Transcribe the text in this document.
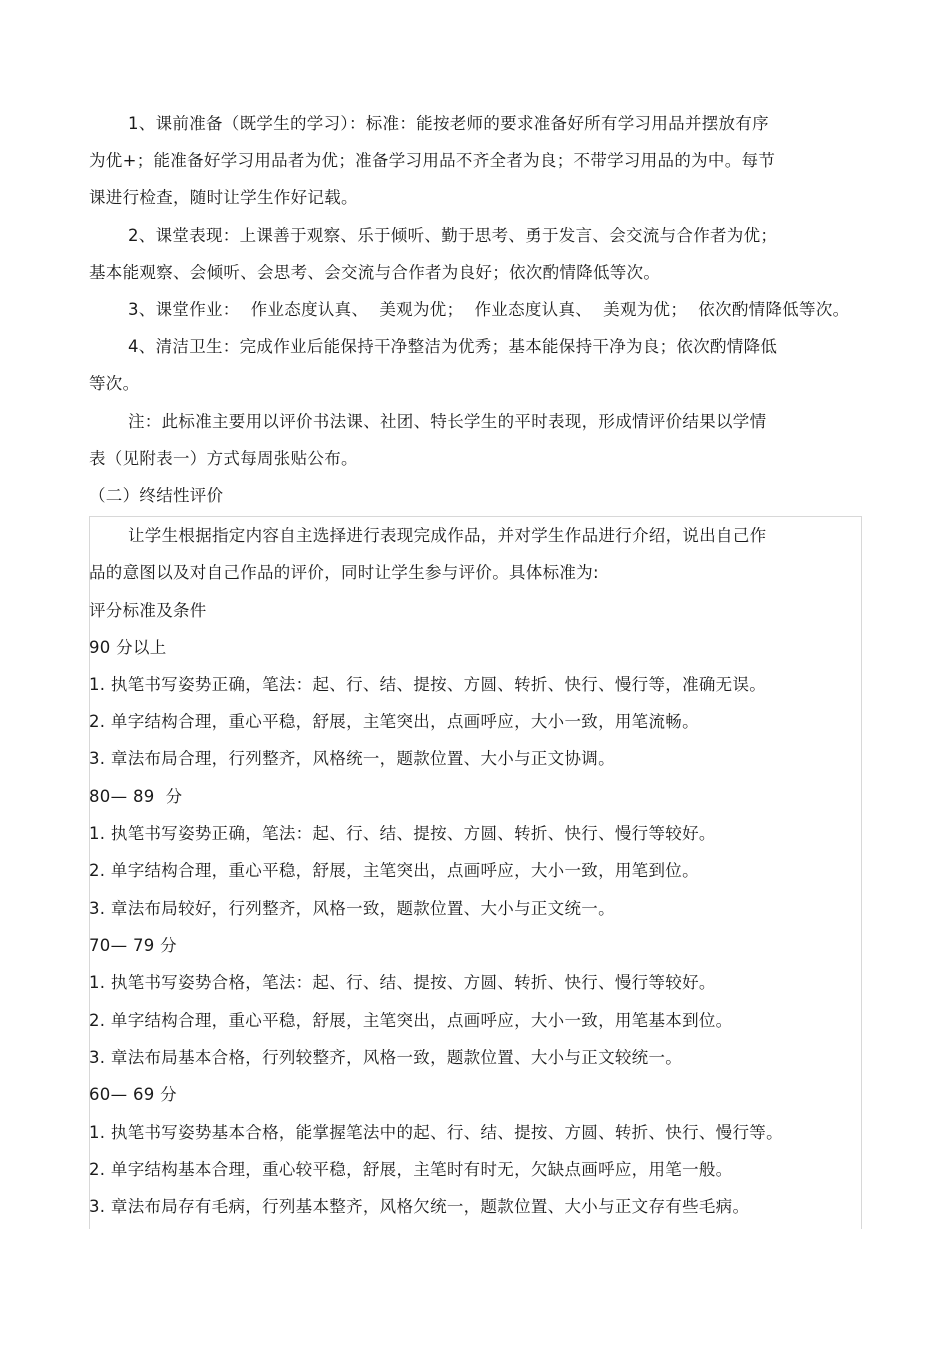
1、课前准备（既学生的学习）：标准：能按老师的要求准备好所有学习用品并摆放有序
为优+；能准备好学习用品者为优；准备学习用品不齐全者为良；不带学习用品的为中。每节
课进行检查，随时让学生作好记载。
2、课堂表现：上课善于观察、乐于倾听、勤于思考、勇于发言、会交流与合作者为优；
基本能观察、会倾听、会思考、会交流与合作者为良好；依次酌情降低等次。
3、课堂作业：  作业态度认真、  美观为优；  作业态度认真、  美观为优；  依次酌情降低等次。
4、清洁卫生：完成作业后能保持干净整洁为优秀；基本能保持干净为良；依次酌情降低
等次。
注：此标准主要用以评价书法课、社团、特长学生的平时表现，形成情评价结果以学情
表（见附表一）方式每周张贴公布。
（二）终结性评价
让学生根据指定内容自主选择进行表现完成作品，并对学生作品进行介绍，说出自己作
品的意图以及对自己作品的评价，同时让学生参与评价。具体标准为:
评分标准及条件
90 分以上
1. 执笔书写姿势正确，笔法：起、行、结、提按、方圆、转折、快行、慢行等，准确无误。
2. 单字结构合理，重心平稳，舒展，主笔突出，点画呼应，大小一致，用笔流畅。
3. 章法布局合理，行列整齐，风格统一，题款位置、大小与正文协调。
80— 89  分
1. 执笔书写姿势正确，笔法：起、行、结、提按、方圆、转折、快行、慢行等较好。
2. 单字结构合理，重心平稳，舒展，主笔突出，点画呼应，大小一致，用笔到位。
3. 章法布局较好，行列整齐，风格一致，题款位置、大小与正文统一。
70— 79 分
1. 执笔书写姿势合格，笔法：起、行、结、提按、方圆、转折、快行、慢行等较好。
2. 单字结构合理，重心平稳，舒展，主笔突出，点画呼应，大小一致，用笔基本到位。
3. 章法布局基本合格，行列较整齐，风格一致，题款位置、大小与正文较统一。
60— 69 分
1. 执笔书写姿势基本合格，能掌握笔法中的起、行、结、提按、方圆、转折、快行、慢行等。
2. 单字结构基本合理，重心较平稳，舒展，主笔时有时无，欠缺点画呼应，用笔一般。
3. 章法布局存有毛病，行列基本整齐，风格欠统一，题款位置、大小与正文存有些毛病。
